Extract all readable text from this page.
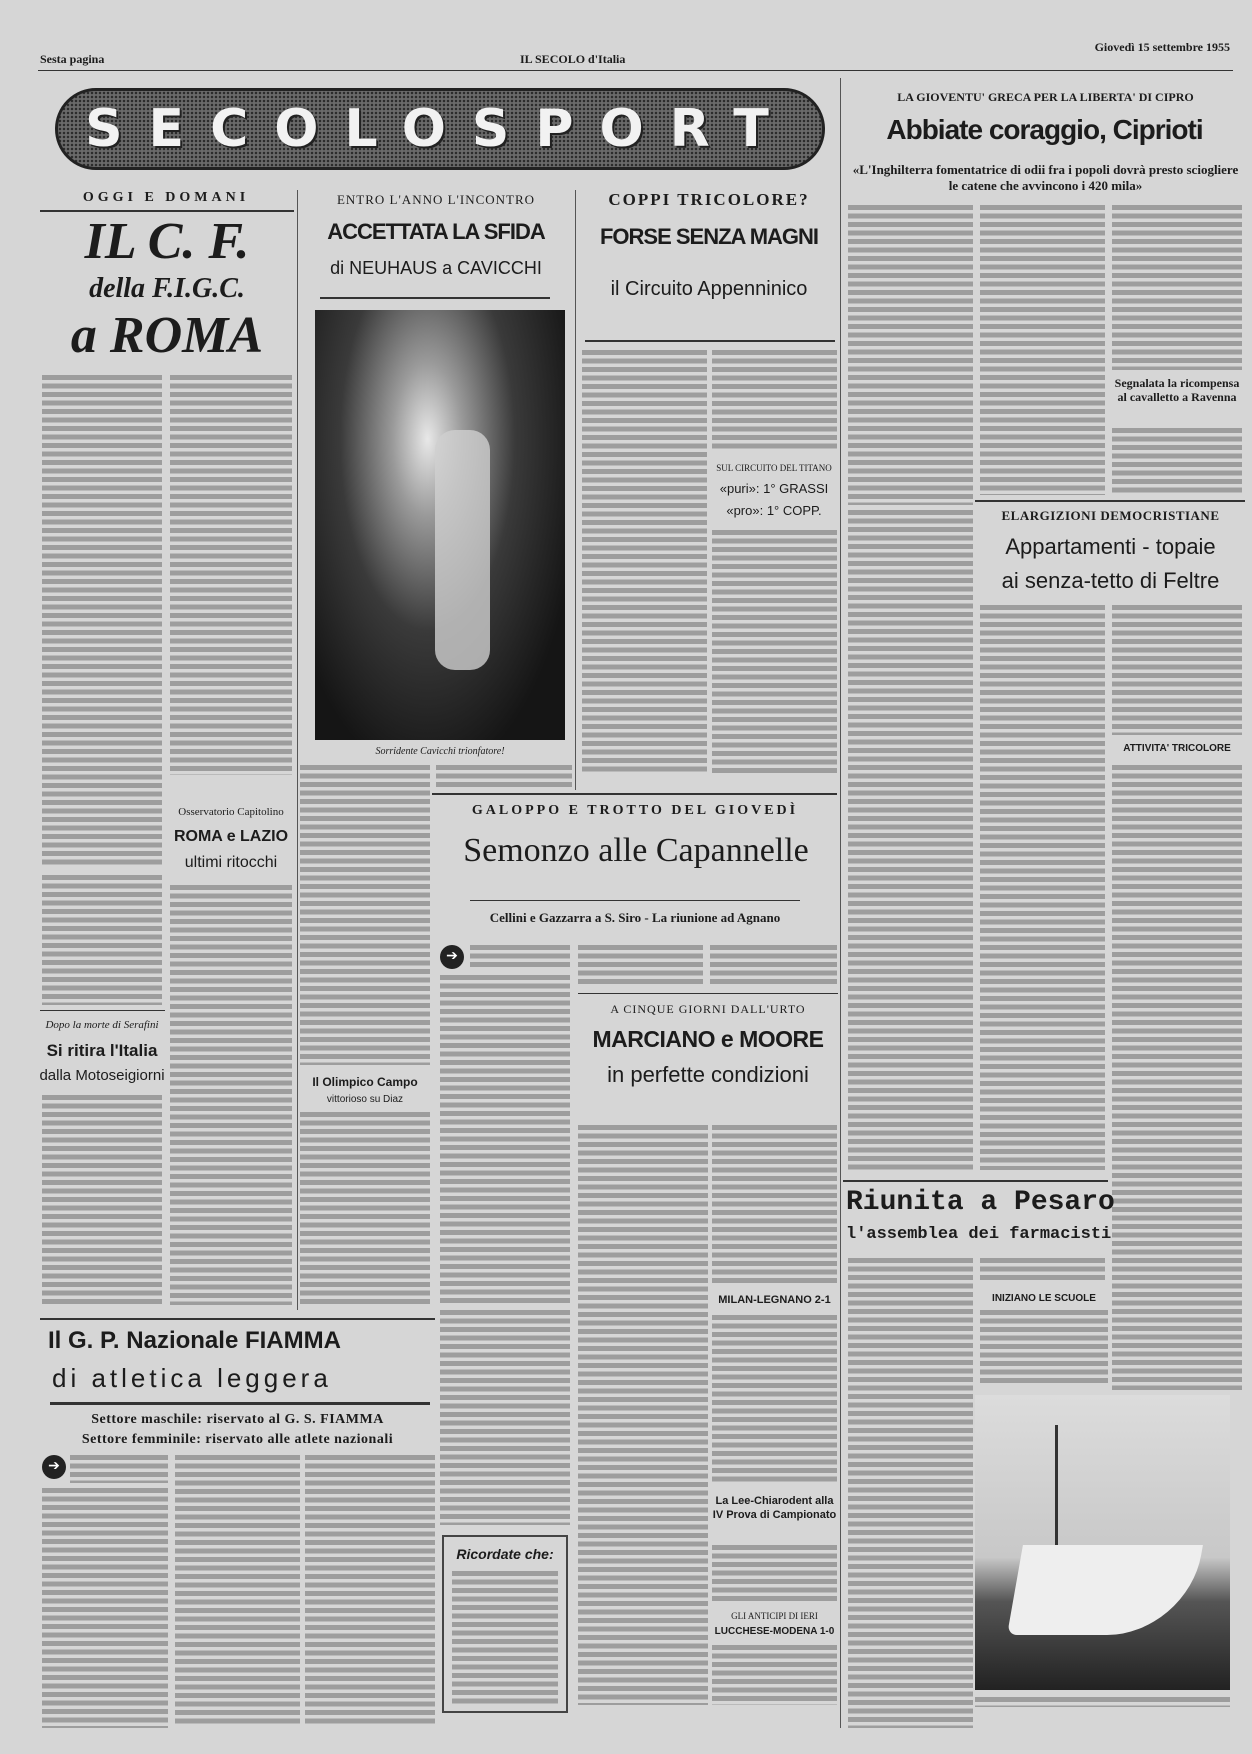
Sesta pagina	IL SECOLO d'Italia
Giovedì 15 settembre 1955
SECOLOSPORT
OGGI E DOMANI
IL C. F.
della F.I.G.C.
a ROMA
ENTRO L'ANNO L'INCONTRO
ACCETTATA LA SFIDA
di NEUHAUS a CAVICCHI
Sorridente Cavicchi trionfatore!
COPPI TRICOLORE?
FORSE SENZA MAGNI
il Circuito Appenninico
SUL CIRCUITO DEL TITANO
«puri»: 1° GRASSI
«pro»: 1° COPP.
LA GIOVENTU' GRECA PER LA LIBERTA' DI CIPRO
Abbiate coraggio, Ciprioti
«L'Inghilterra fomentatrice di odii fra i popoli dovrà presto sciogliere le catene che avvincono i 420 mila»
Segnalata la ricompensa al cavalletto a Ravenna
ELARGIZIONI DEMOCRISTIANE
Appartamenti - topaie
ai senza-tetto di Feltre
ATTIVITA' TRICOLORE
Osservatorio Capitolino
ROMA e LAZIO
ultimi ritocchi
Dopo la morte di Serafini
Si ritira l'Italia
dalla Motoseigiorni	Il Olimpico Campo
vittorioso su Diaz
GALOPPO E TROTTO DEL GIOVEDÌ
Semonzo alle Capannelle
Cellini e Gazzarra a S. Siro - La riunione ad Agnano
➔
A CINQUE GIORNI DALL'URTO
MARCIANO e MOORE
in perfette condizioni
MILAN-LEGNANO 2-1
La Lee-Chiarodent alla IV Prova di Campionato
GLI ANTICIPI DI IERI
LUCCHESE-MODENA 1-0
Il G. P. Nazionale FIAMMA
di atletica leggera
Settore maschile: riservato al G. S. FIAMMA
Settore femminile: riservato alle atlete nazionali
➔
Ricordate che:
Riunita a Pesaro
l'assemblea dei farmacisti
INIZIANO LE SCUOLE
